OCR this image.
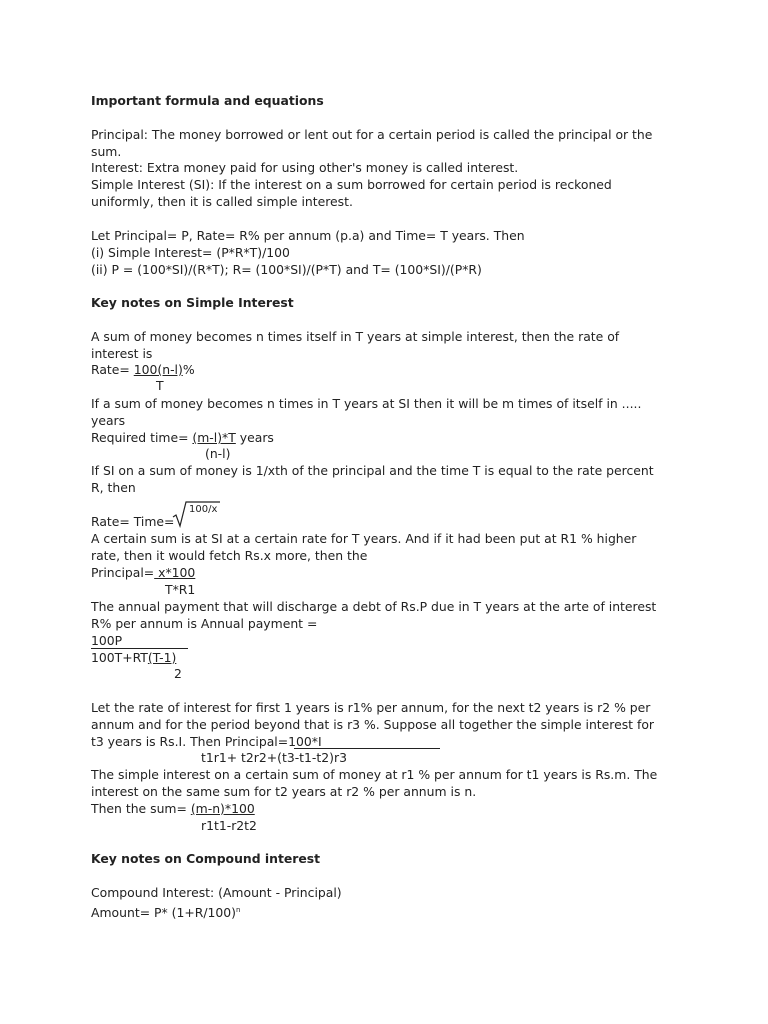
Important formula and equations
Principal: The money borrowed or lent out for a certain period is called the principal or the
sum.
Interest: Extra money paid for using other's money is called interest.
Simple Interest (SI): If the interest on a sum borrowed for certain period is reckoned
uniformly, then it is called simple interest.
Let Principal= P, Rate= R% per annum (p.a) and Time= T years. Then
(i) Simple Interest= (P*R*T)/100
(ii) P = (100*SI)/(R*T); R= (100*SI)/(P*T) and T= (100*SI)/(P*R)
Key notes on Simple Interest
A sum of money becomes n times itself in T years at simple interest, then the rate of
interest is
Rate= 100(n-l)%
T
If a sum of money becomes n times in T years at SI then it will be m times of itself in .....
years
Required time= (m-l)*T years
(n-l)
If SI on a sum of money is 1/xth of the principal and the time T is equal to the rate percent
R, then
Rate= Time=
100/x
A certain sum is at SI at a certain rate for T years. And if it had been put at R1 % higher
rate, then it would fetch Rs.x more, then the
Principal= x*100
T*R1
The annual payment that will discharge a debt of Rs.P due in T years at the arte of interest
R% per annum is Annual payment =
100P
100T+RT(T-1)
2
Let the rate of interest for first 1 years is r1% per annum, for the next t2 years is r2 % per
annum and for the period beyond that is r3 %. Suppose all together the simple interest for
t3 years is Rs.I. Then Principal=100*I
t1r1+ t2r2+(t3-t1-t2)r3
The simple interest on a certain sum of money at r1 % per annum for t1 years is Rs.m. The
interest on the same sum for t2 years at r2 % per annum is n.
Then the sum= (m-n)*100
r1t1-r2t2
Key notes on Compound interest
Compound Interest: (Amount - Principal)
Amount= P* $(1+R/100)^n$
